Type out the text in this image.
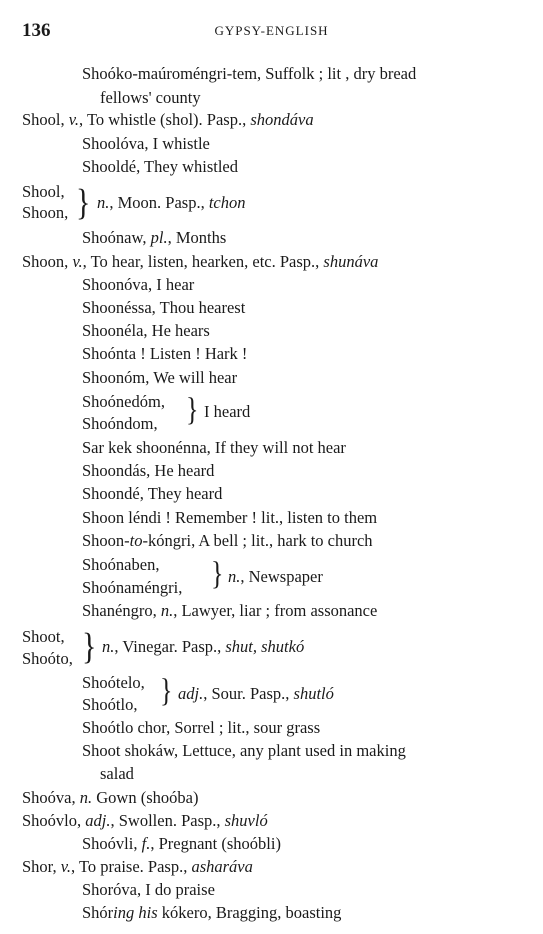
136	GYPSY-ENGLISH
Shoóko-maúroméngri-tem, Suffolk ; lit , dry bread
fellows' county
Shool, v., To whistle (shol). Pasp., shondáva
Shoolóva, I whistle
Shooldé, They whistled
Shool,
Shoon, } n., Moon. Pasp., tchon
Shoónaw, pl., Months
Shoon, v., To hear, listen, hearken, etc. Pasp., shunáva
Shoonóva, I hear
Shoonéssa, Thou hearest
Shoonéla, He hears
Shoónta ! Listen ! Hark !
Shoonóm, We will hear
Shoónedóm,
Shoóndom, } I heard
Sar kek shoonénna, If they will not hear
Shoondás, He heard
Shoondé, They heard
Shoon léndi ! Remember ! lit., listen to them
Shoon-to-kóngri, A bell ; lit., hark to church
Shoónaben,
Shoónaméngri, } n., Newspaper
Shanéngro, n., Lawyer, liar ; from assonance
Shoot,
Shoóto, } n., Vinegar. Pasp., shut, shutkó
Shoótelo,
Shoótlo, } adj., Sour. Pasp., shutló
Shoótlo chor, Sorrel ; lit., sour grass
Shoot shokáw, Lettuce, any plant used in making
salad
Shoóva, n. Gown (shoóba)
Shoóvlo, adj., Swollen. Pasp., shuvló
Shoóvli, f., Pregnant (shoóbli)
Shor, v., To praise. Pasp., asharáva
Shoróva, I do praise
Shóring his kókero, Bragging, boasting
